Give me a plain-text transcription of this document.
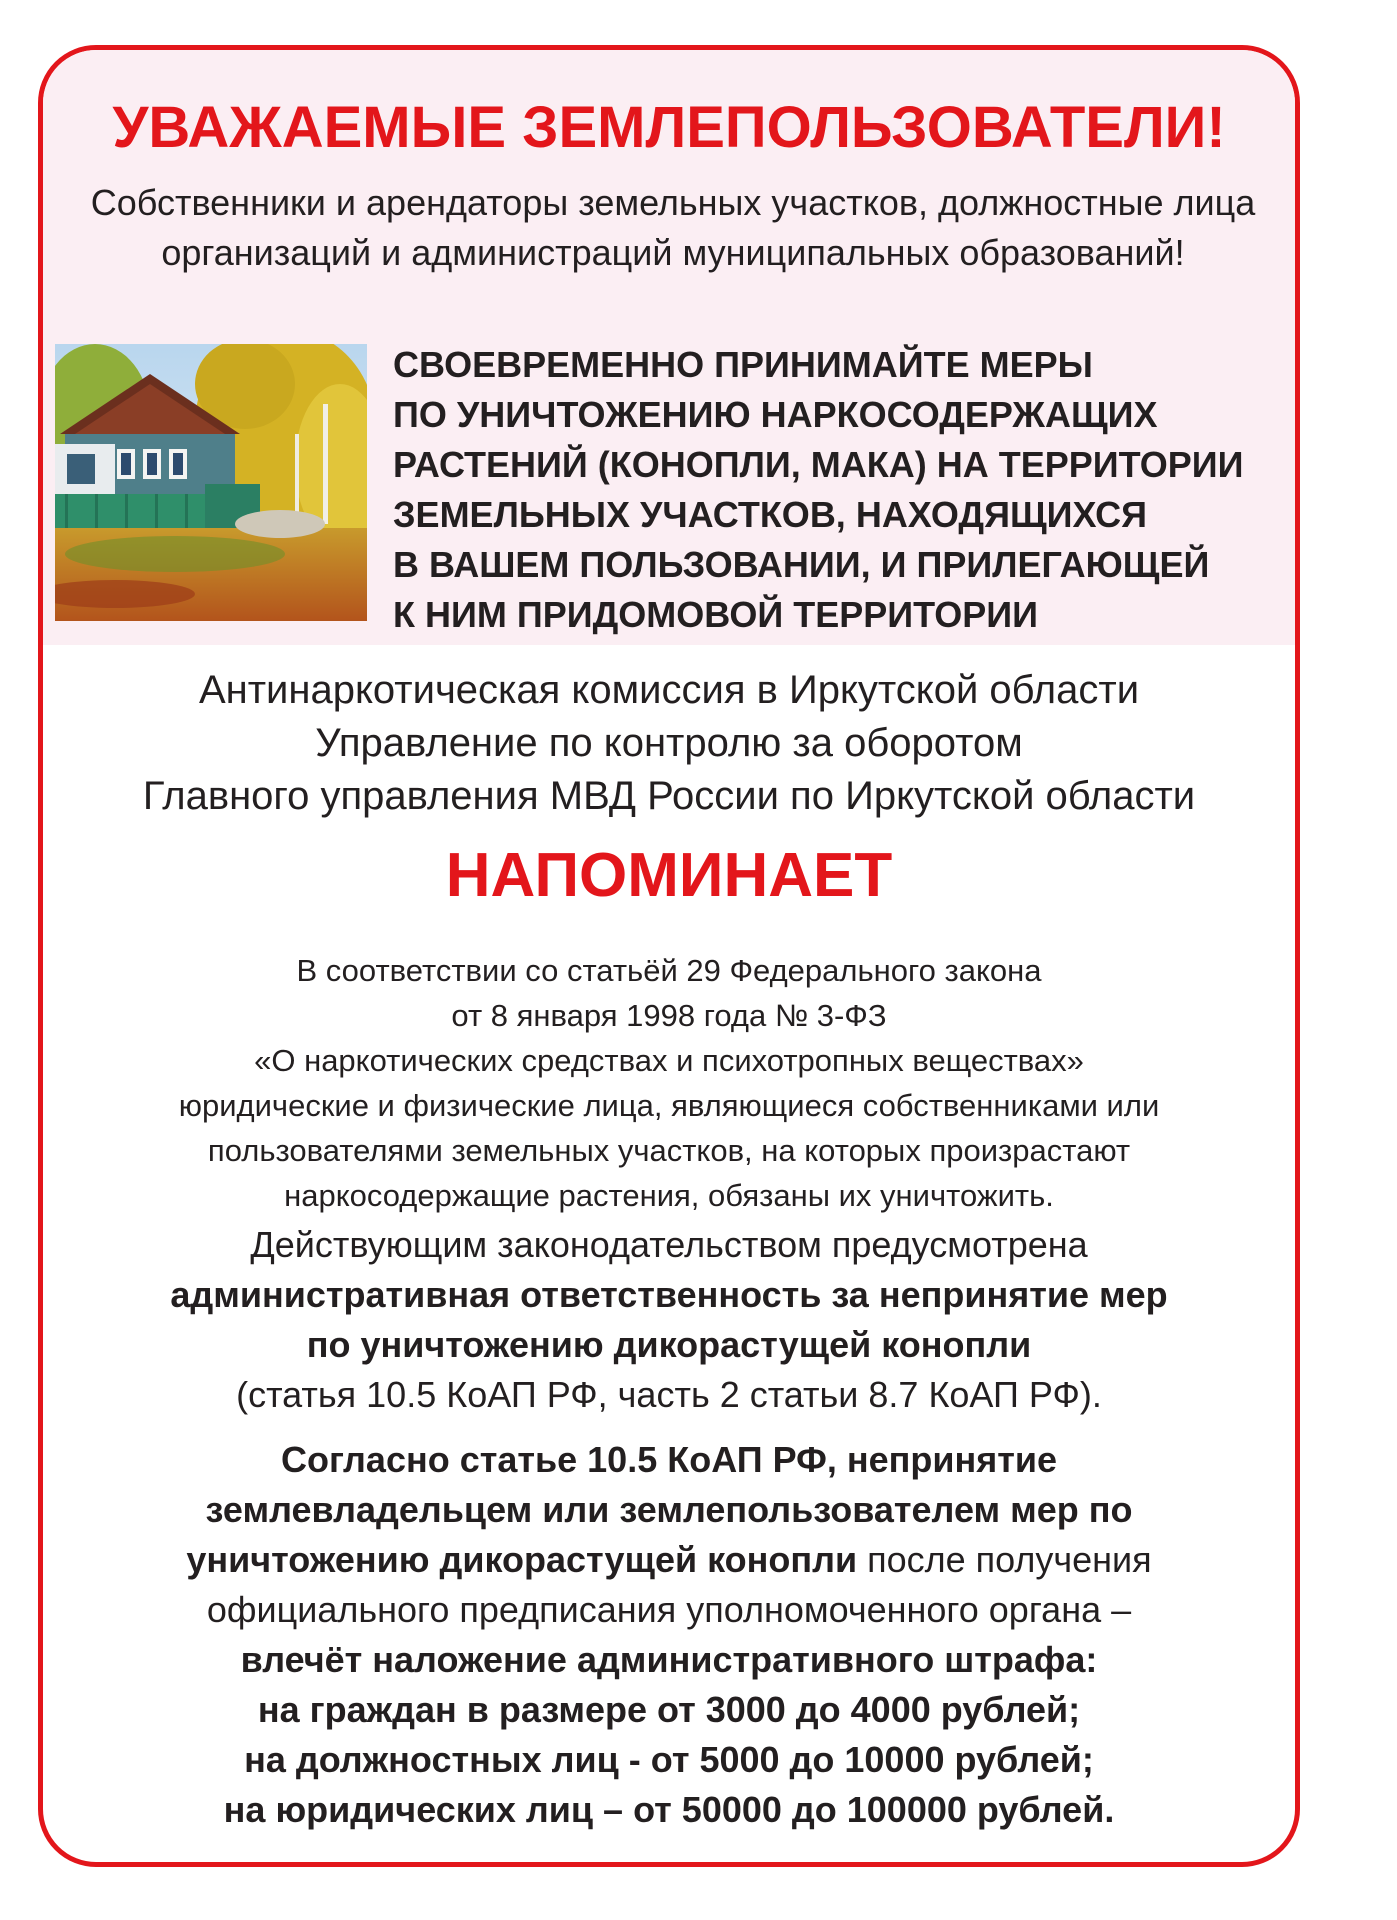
УВАЖАЕМЫЕ ЗЕМЛЕПОЛЬЗОВАТЕЛИ!
Собственники и арендаторы земельных участков, должностные лица организаций и администраций муниципальных образований!
СВОЕВРЕМЕННО ПРИНИМАЙТЕ МЕРЫ
ПО УНИЧТОЖЕНИЮ НАРКОСОДЕРЖАЩИХ
РАСТЕНИЙ (КОНОПЛИ, МАКА) НА ТЕРРИТОРИИ
ЗЕМЕЛЬНЫХ УЧАСТКОВ, НАХОДЯЩИХСЯ
В ВАШЕМ ПОЛЬЗОВАНИИ, И ПРИЛЕГАЮЩЕЙ
К НИМ ПРИДОМОВОЙ ТЕРРИТОРИИ
Антинаркотическая комиссия в Иркутской области
Управление по контролю за оборотом
Главного управления МВД России по Иркутской области
НАПОМИНАЕТ
В соответствии со статьёй 29 Федерального закона
от 8 января 1998 года № 3-ФЗ
«О наркотических средствах и психотропных веществах»
юридические и физические лица, являющиеся собственниками или
пользователями земельных участков, на которых произрастают
наркосодержащие растения, обязаны их уничтожить.
Действующим законодательством предусмотрена
административная ответственность за непринятие мер
по уничтожению дикорастущей конопли
(статья 10.5 КоАП РФ, часть 2 статьи 8.7 КоАП РФ).
Согласно статье 10.5 КоАП РФ, непринятие
землевладельцем или землепользователем мер по
уничтожению дикорастущей конопли после получения
официального предписания уполномоченного органа –
влечёт наложение административного штрафа:
на граждан в размере от 3000 до 4000 рублей;
на должностных лиц - от 5000 до 10000 рублей;
на юридических лиц – от 50000 до 100000 рублей.
